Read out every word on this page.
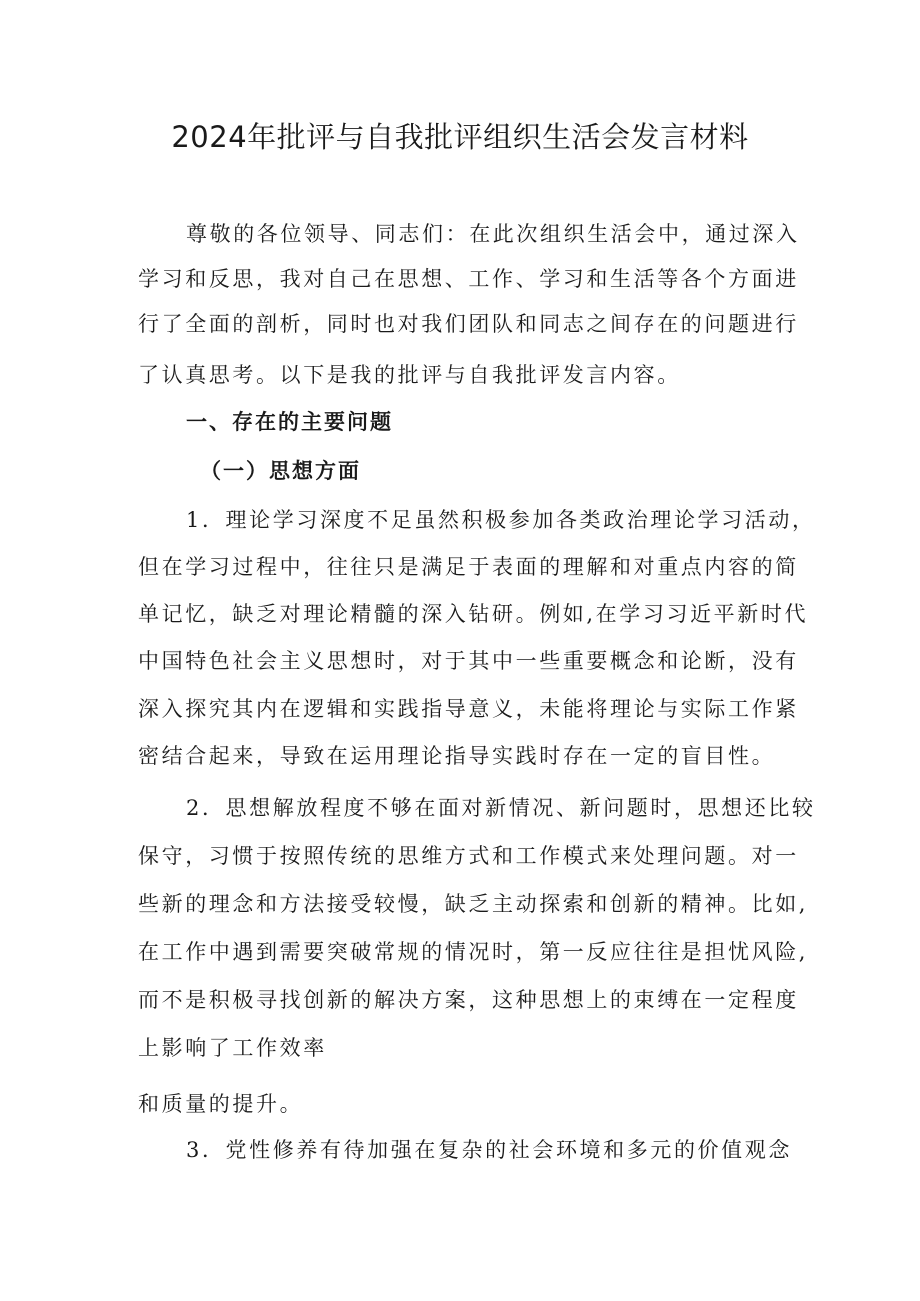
2024年批评与自我批评组织生活会发言材料
尊敬的各位领导、同志们：在此次组织生活会中，通过深入
学习和反思，我对自己在思想、工作、学习和生活等各个方面进
行了全面的剖析，同时也对我们团队和同志之间存在的问题进行
了认真思考。以下是我的批评与自我批评发言内容。
一、存在的主要问题
（一）思想方面
1．理论学习深度不足虽然积极参加各类政治理论学习活动，
但在学习过程中，往往只是满足于表面的理解和对重点内容的简
单记忆，缺乏对理论精髓的深入钻研。例如,在学习习近平新时代
中国特色社会主义思想时，对于其中一些重要概念和论断，没有
深入探究其内在逻辑和实践指导意义，未能将理论与实际工作紧
密结合起来，导致在运用理论指导实践时存在一定的盲目性。
2．思想解放程度不够在面对新情况、新问题时，思想还比较
保守，习惯于按照传统的思维方式和工作模式来处理问题。对一
些新的理念和方法接受较慢，缺乏主动探索和创新的精神。比如,
在工作中遇到需要突破常规的情况时，第一反应往往是担忧风险,
而不是积极寻找创新的解决方案，这种思想上的束缚在一定程度
上影响了工作效率
和质量的提升。
3．党性修养有待加强在复杂的社会环境和多元的价值观念
